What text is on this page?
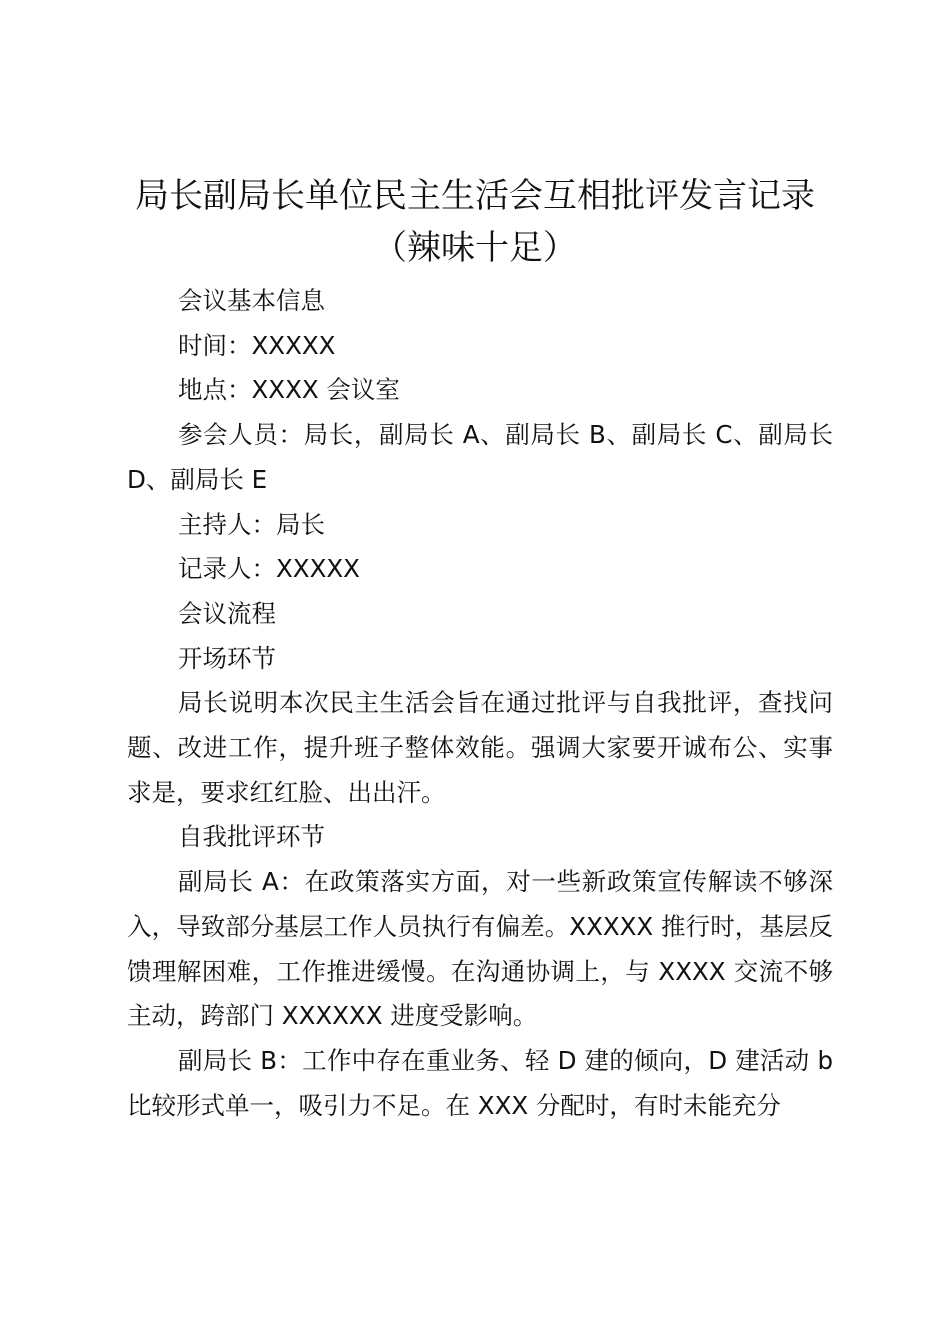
局长副局长单位民主生活会互相批评发言记录
（辣味十足）

会议基本信息

时间：XXXXX

地点：XXXX 会议室

参会人员：局长，副局长 A、副局长 B、副局长 C、副局长 D、副局长 E

主持人：局长

记录人：XXXXX

会议流程

开场环节

局长说明本次民主生活会旨在通过批评与自我批评，查找问题、改进工作，提升班子整体效能。强调大家要开诚布公、实事求是，要求红红脸、出出汗。

自我批评环节

副局长 A：在政策落实方面，对一些新政策宣传解读不够深入，导致部分基层工作人员执行有偏差。XXXXX 推行时，基层反馈理解困难，工作推进缓慢。在沟通协调上，与 XXXX 交流不够主动，跨部门 XXXXXX 进度受影响。

副局长 B：工作中存在重业务、轻 D 建的倾向，D 建活动 b 比较形式单一，吸引力不足。在 XXX 分配时，有时未能充分
